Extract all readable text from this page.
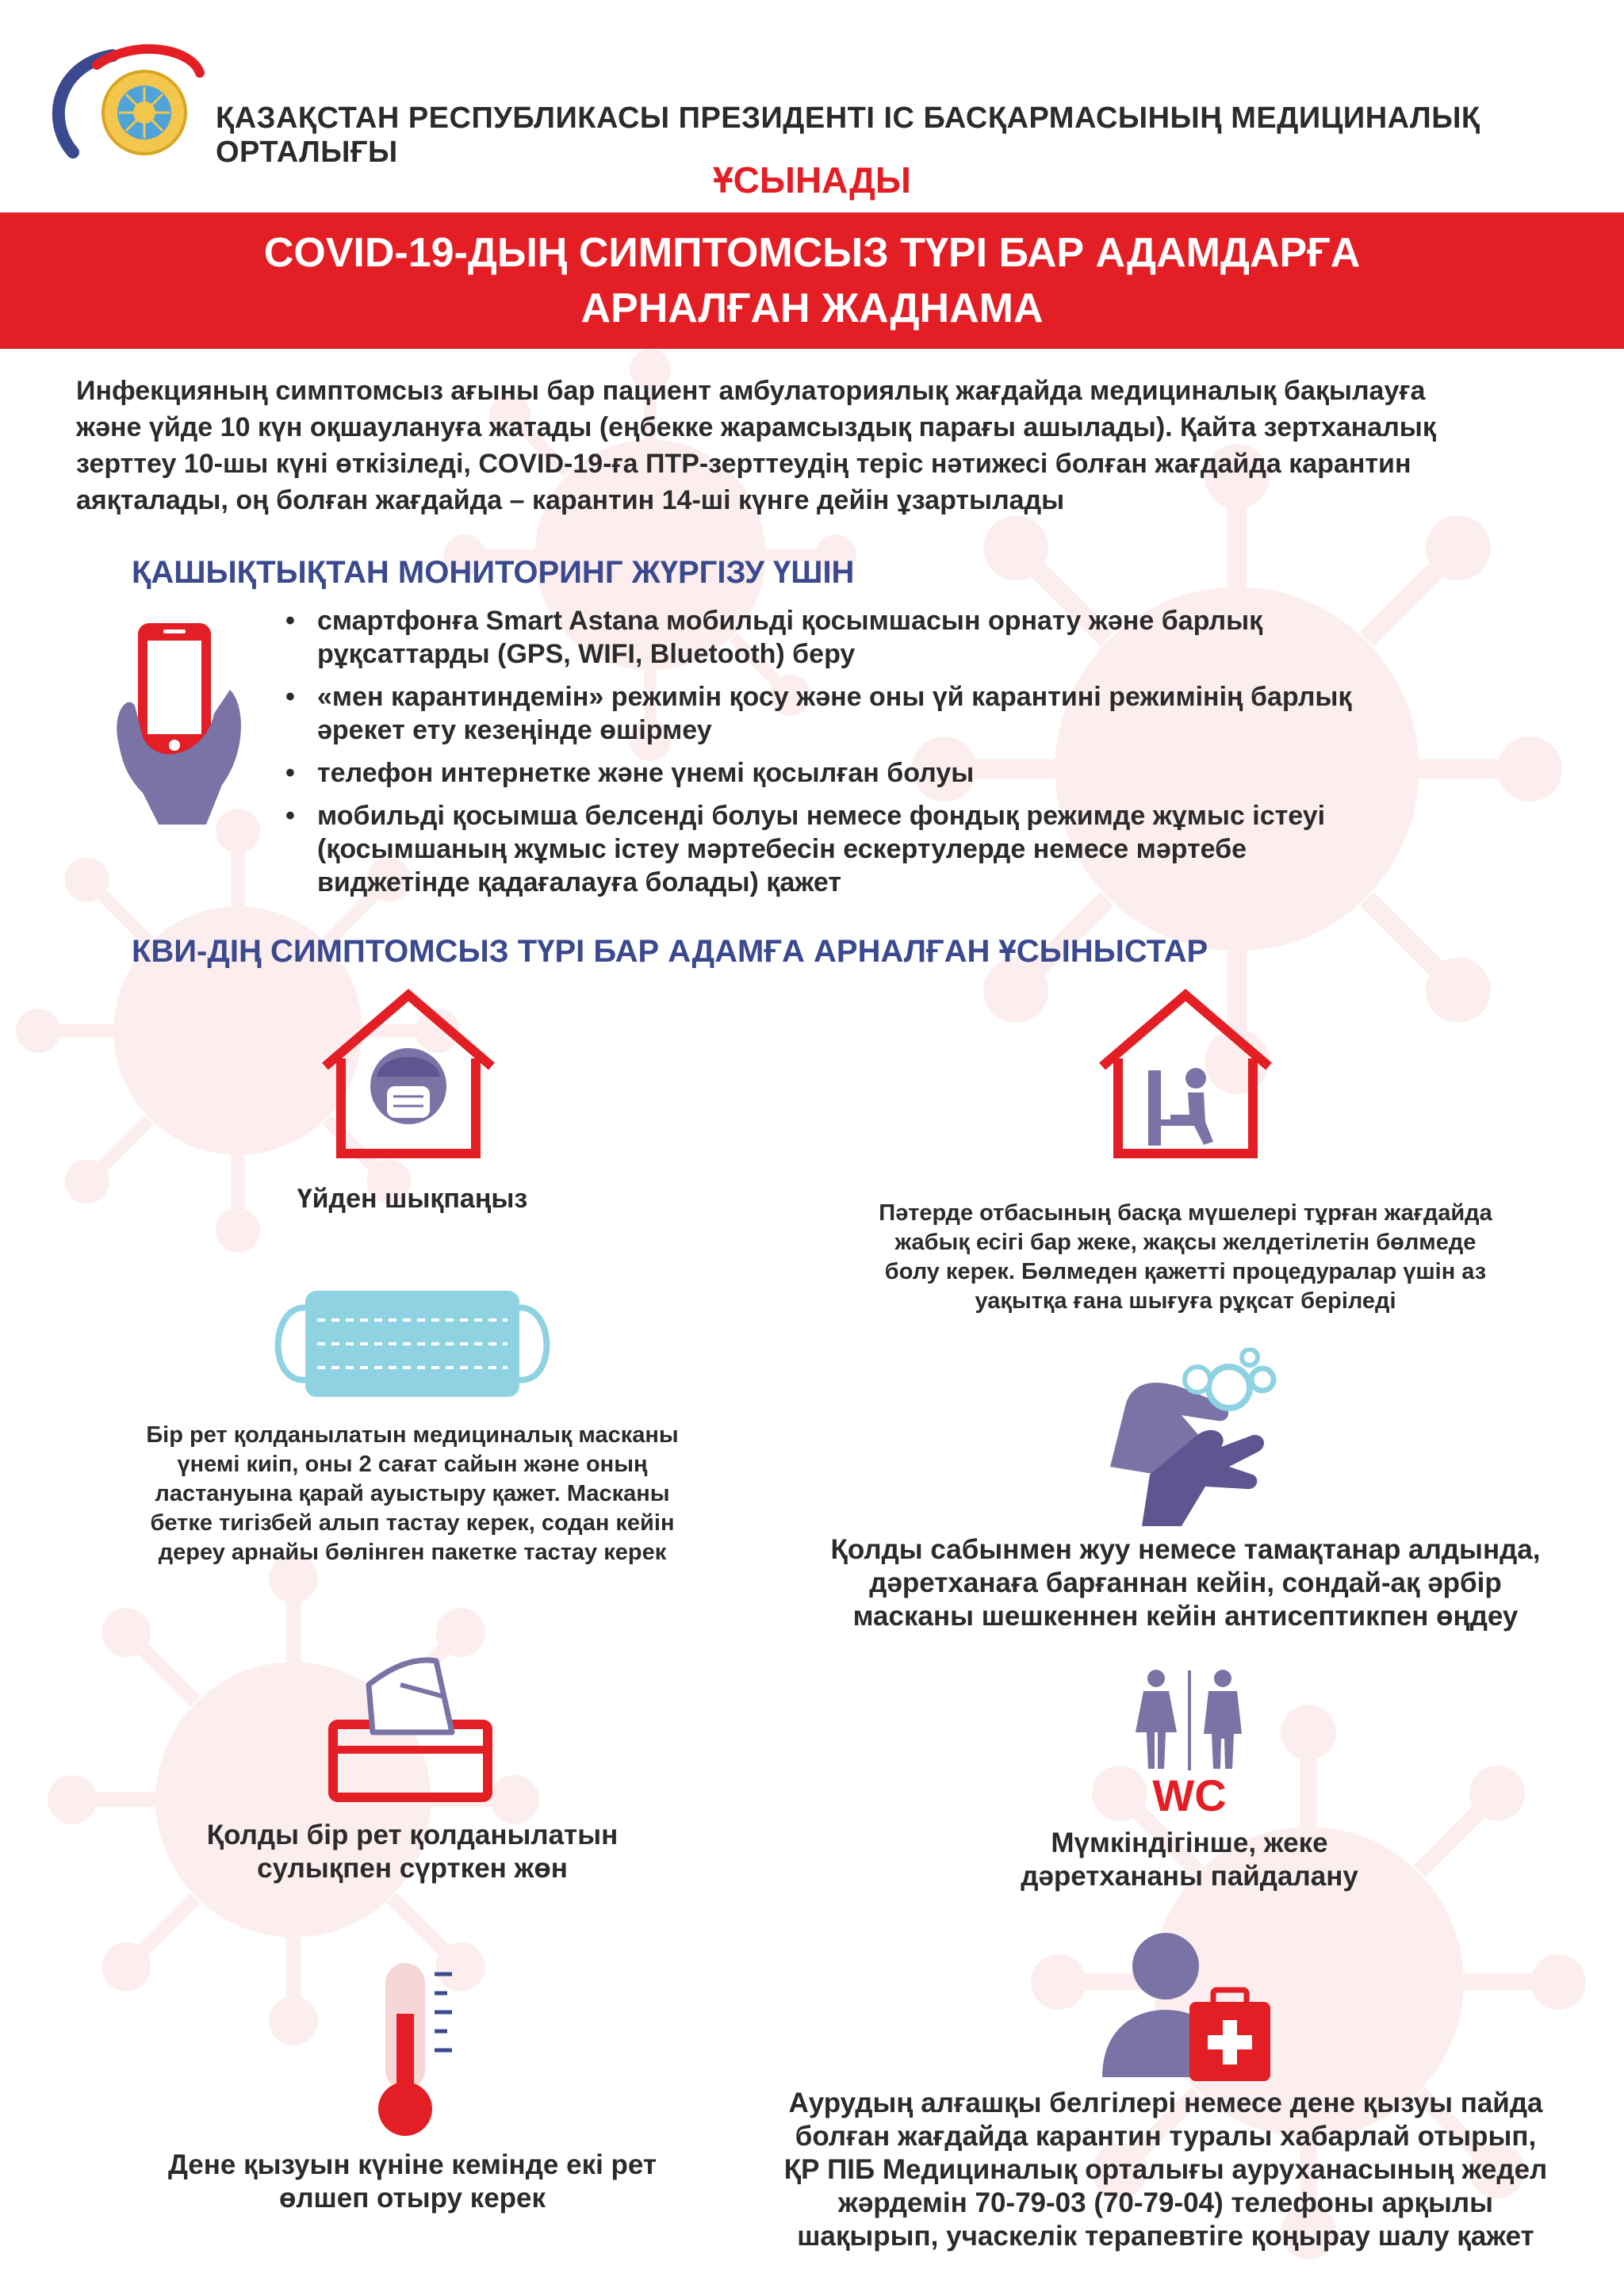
ҚАЗАҚСТАН РЕСПУБЛИКАСЫ ПРЕЗИДЕНТІ ІС БАСҚАРМАСЫНЫҢ МЕДИЦИНАЛЫҚ ОРТАЛЫҒЫ
ҰСЫНАДЫ
COVID-19-ДЫҢ СИМПТОМСЫЗ ТҮРІ БАР АДАМДАРҒА
АРНАЛҒАН ЖАДНАМА
Инфекцияның симптомсыз ағыны бар пациент амбулаториялық жағдайда медициналық бақылауға
және үйде 10 күн оқшаулануға жатады (еңбекке жарамсыздық парағы ашылады). Қайта зертханалық
зерттеу 10-шы күні өткізіледі, COVID-19-ға ПТР-зерттеудің теріс нәтижесі болған жағдайда карантин
аяқталады, оң болған жағдайда – карантин 14-ші күнге дейін ұзартылады
ҚАШЫҚТЫҚТАН МОНИТОРИНГ ЖҮРГІЗУ ҮШІН
• смартфонға Smart Astana мобильді қосымшасын орнату және барлық
рұқсаттарды (GPS, WIFI, Bluetooth) беру
• «мен карантиндемін» режимін қосу және оны үй карантині режимінің барлық
әрекет ету кезеңінде өшірмеу
• телефон интернетке және үнемі қосылған болуы
• мобильді қосымша белсенді болуы немесе фондық режимде жұмыс істеуі
(қосымшаның жұмыс істеу мәртебесін ескертулерде немесе мәртебе
виджетінде қадағалауға болады) қажет
КВИ-ДІҢ СИМПТОМСЫЗ ТҮРІ БАР АДАМҒА АРНАЛҒАН ҰСЫНЫСТАР
Үйден шықпаңыз	Пәтерде отбасының басқа мүшелері тұрған жағдайда
жабық есігі бар жеке, жақсы желдетілетін бөлмеде
болу керек. Бөлмеден қажетті процедуралар үшін аз
уақытқа ғана шығуға рұқсат беріледі
Бір рет қолданылатын медициналық масканы
үнемі киіп, оны 2 сағат сайын және оның
ластануына қарай ауыстыру қажет. Масканы
бетке тигізбей алып тастау керек, содан кейін
дереу арнайы бөлінген пакетке тастау керек	Қолды сабынмен жуу немесе тамақтанар алдында,
дәретханаға барғаннан кейін, сондай-ақ әрбір
масканы шешкеннен кейін антисептикпен өңдеу
Қолды бір рет қолданылатын
сулықпен сүрткен жөн
WC
Мүмкіндігінше, жеке
дәретхананы пайдалану
Дене қызуын күніне кемінде екі рет
өлшеп отыру керек
Аурудың алғашқы белгілері немесе дене қызуы пайда
болған жағдайда карантин туралы хабарлай отырып,
ҚР ПІБ Медициналық орталығы ауруханасының жедел
жәрдемін 70-79-03 (70-79-04) телефоны арқылы
шақырып, учаскелік терапевтіге қоңырау шалу қажет
